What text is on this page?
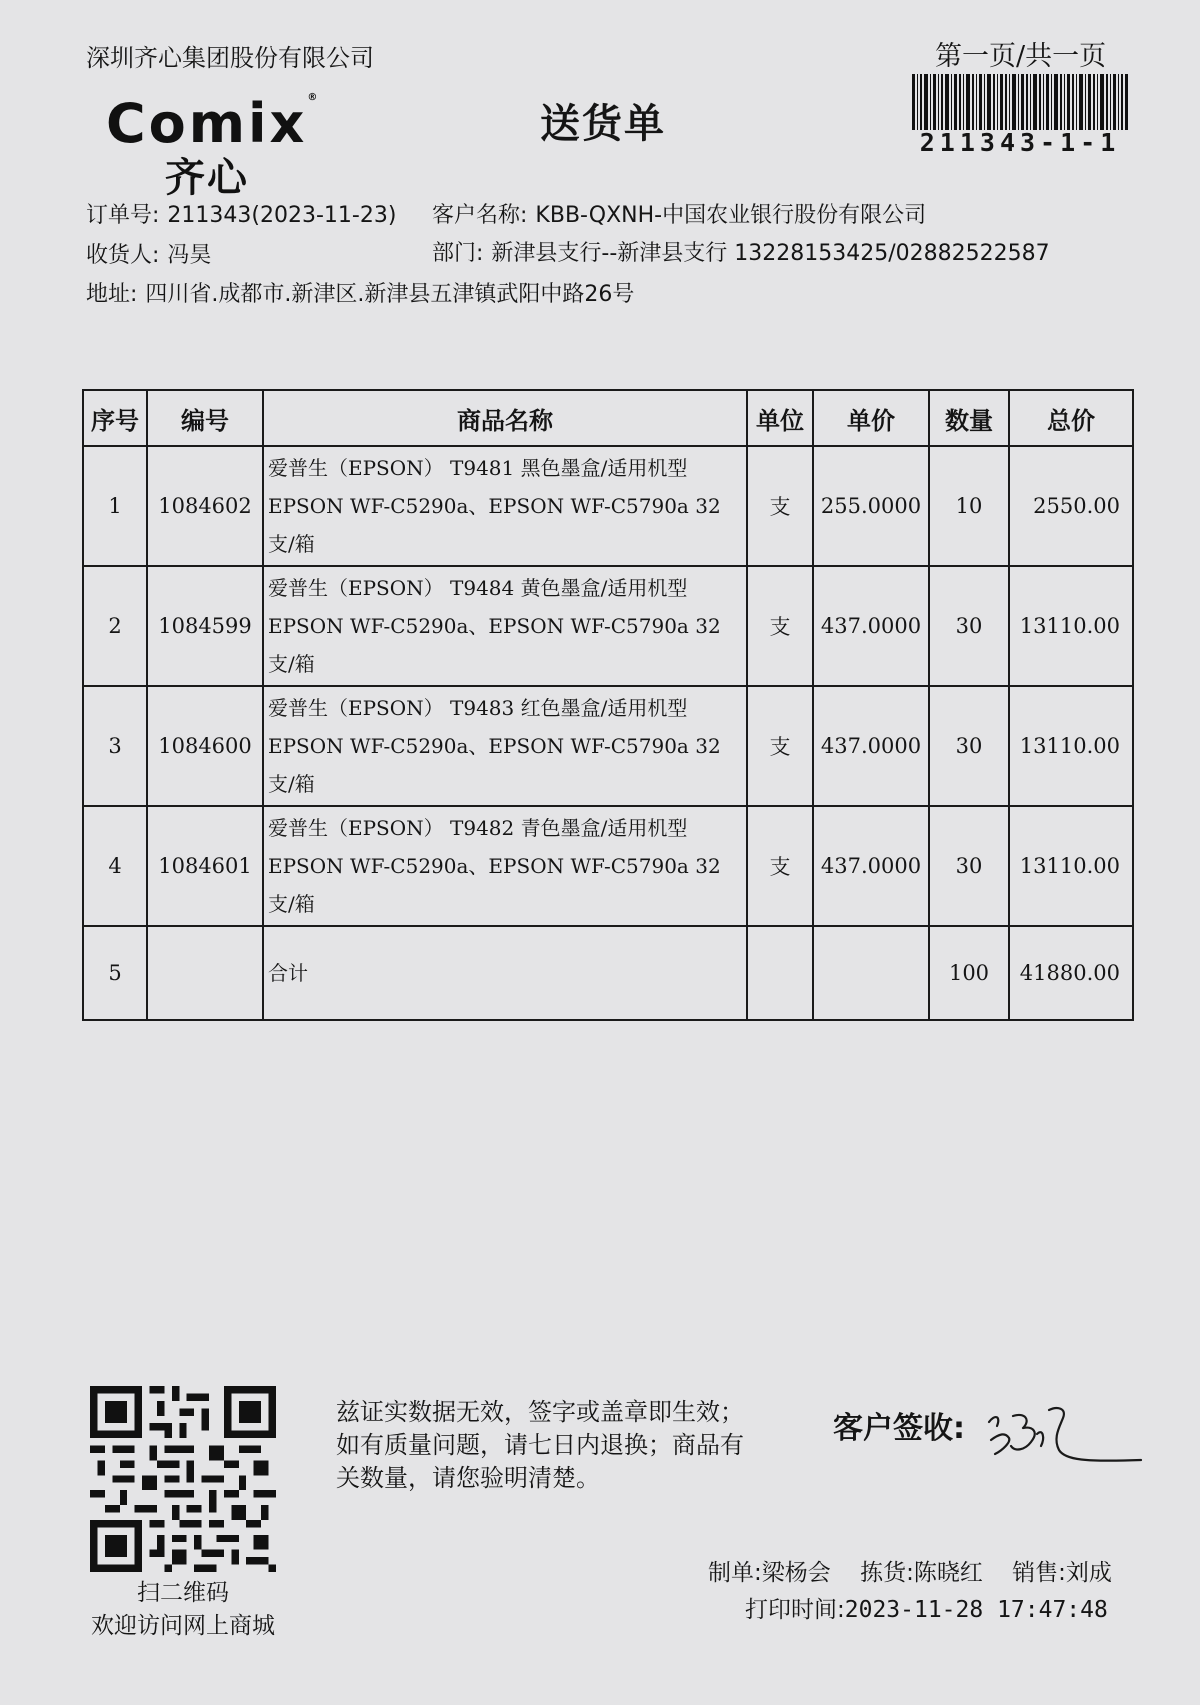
深圳齐心集团股份有限公司	第一页/共一页
Comix®
齐心
送货单	211343-1-1
订单号: 211343(2023-11-23) 客户名称: KBB-QXNH-中国农业银行股份有限公司
收货人: 冯昊	部门: 新津县支行--新津县支行 13228153425/02882522587
地址: 四川省.成都市.新津区.新津县五津镇武阳中路26号
序号	编号	商品名称	单位	单价	数量	总价
1	1084602	爱普生（EPSON） T9481 黑色墨盒/适用机型EPSON WF-C5290a、EPSON WF-C5790a 32支/箱	支	255.0000	10	2550.00
2	1084599	爱普生（EPSON） T9484 黄色墨盒/适用机型EPSON WF-C5290a、EPSON WF-C5790a 32支/箱	支	437.0000	30	13110.00
3	1084600	爱普生（EPSON） T9483 红色墨盒/适用机型EPSON WF-C5290a、EPSON WF-C5790a 32支/箱	支	437.0000	30	13110.00
4	1084601	爱普生（EPSON） T9482 青色墨盒/适用机型EPSON WF-C5290a、EPSON WF-C5790a 32支/箱	支	437.0000	30	13110.00
5		合计			100	41880.00
扫二维码
欢迎访问网上商城
兹证实数据无效，签字或盖章即生效；如有质量问题，请七日内退换；商品有关数量，请您验明清楚。
客户签收:
制单:梁杨会 拣货:陈晓红 销售:刘成
打印时间:2023-11-28 17:47:48
